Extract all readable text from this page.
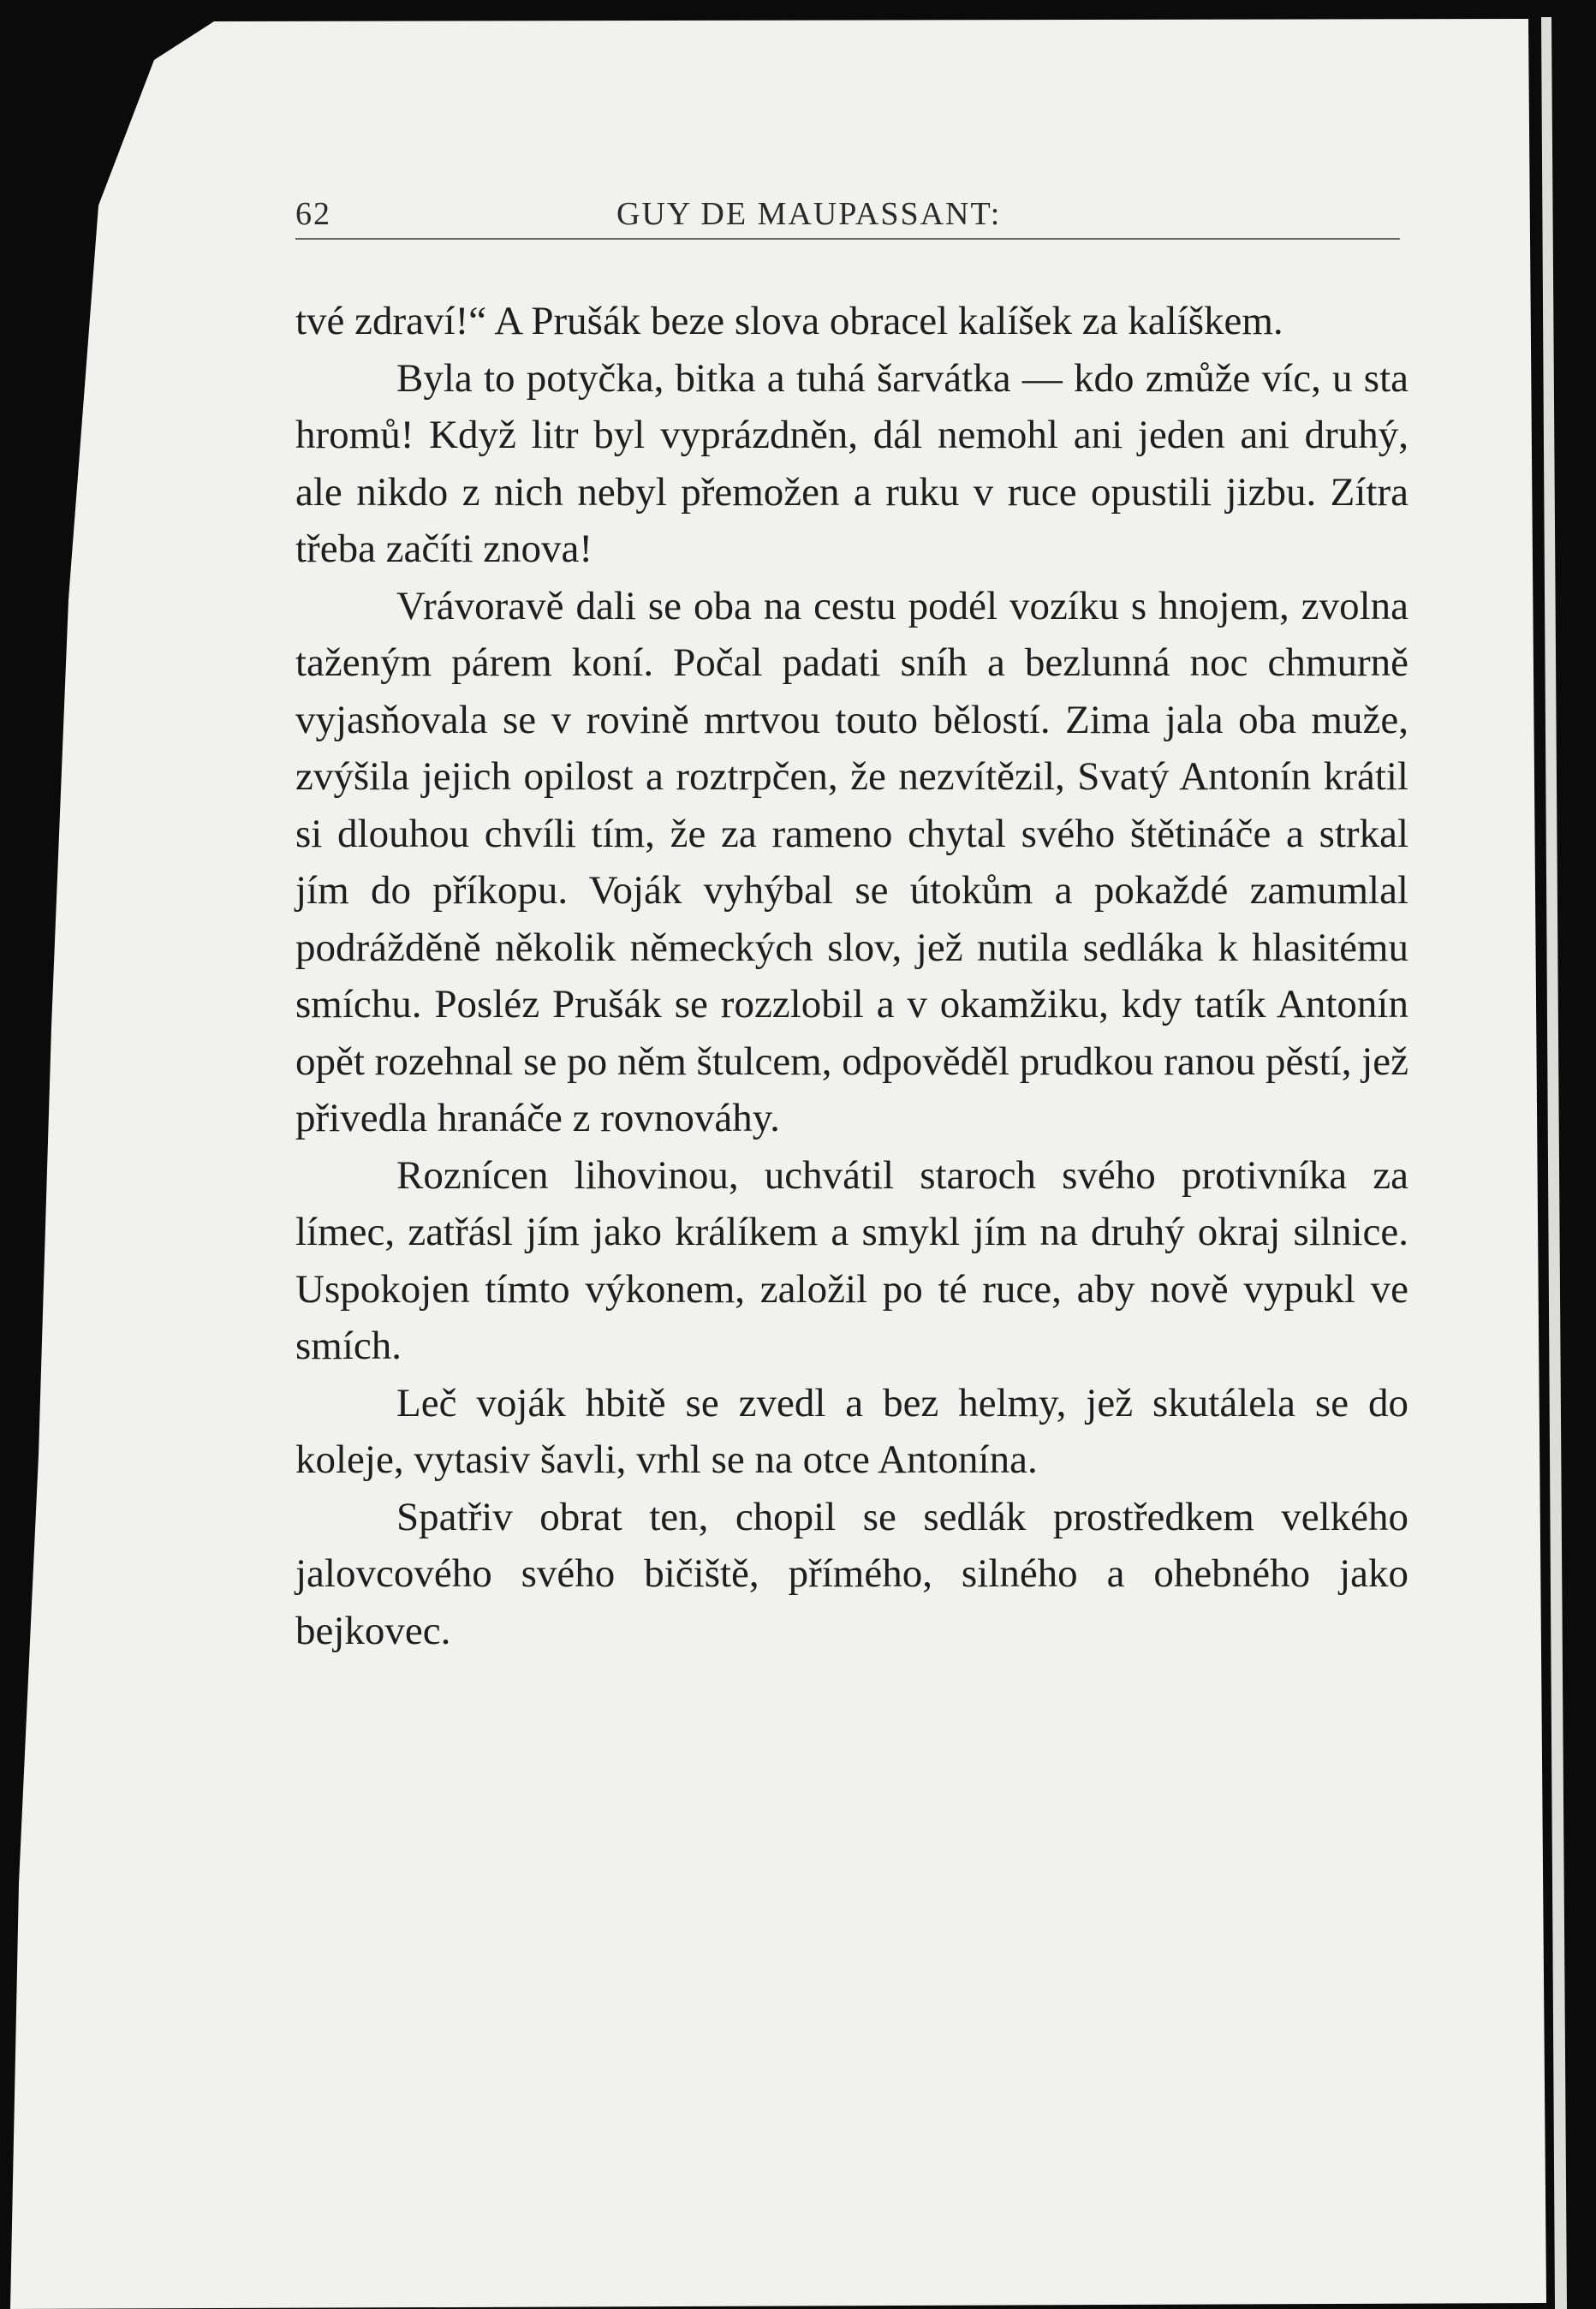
62	GUY DE MAUPASSANT:

tvé zdraví!“ A Prušák beze slova obracel kalíšek za kalíškem.

Byla to potyčka, bitka a tuhá šarvátka — kdo zmůže víc, u sta hromů! Když litr byl vyprázdněn, dál nemohl ani jeden ani druhý, ale nikdo z nich nebyl přemožen a ruku v ruce opustili jizbu. Zítra třeba začíti znova!

Vrávoravě dali se oba na cestu podél vozíku s hnojem, zvolna taženým párem koní. Počal padati sníh a bezlunná noc chmurně vyjasňovala se v rovině mrtvou touto bělostí. Zima jala oba muže, zvýšila jejich opilost a roztrpčen, že nezvítězil, Svatý Antonín krátil si dlouhou chvíli tím, že za rameno chytal svého štětináče a strkal jím do příkopu. Voják vyhýbal se útokům a pokaždé zamumlal podrážděně několik německých slov, jež nutila sedláka k hlasitému smíchu. Posléz Prušák se rozzlobil a v okamžiku, kdy tatík Antonín opět rozehnal se po něm štulcem, odpověděl prudkou ranou pěstí, jež přivedla hranáče z rovnováhy.

Roznícen lihovinou, uchvátil staroch svého protivníka za límec, zatřásl jím jako králíkem a smykl jím na druhý okraj silnice. Uspokojen tímto výkonem, založil po té ruce, aby nově vypukl ve smích.

Leč voják hbitě se zvedl a bez helmy, jež skutálela se do koleje, vytasiv šavli, vrhl se na otce Antonína.

Spatřiv obrat ten, chopil se sedlák prostředkem velkého jalovcového svého bičiště, přímého, silného a ohebného jako bejkovec.
